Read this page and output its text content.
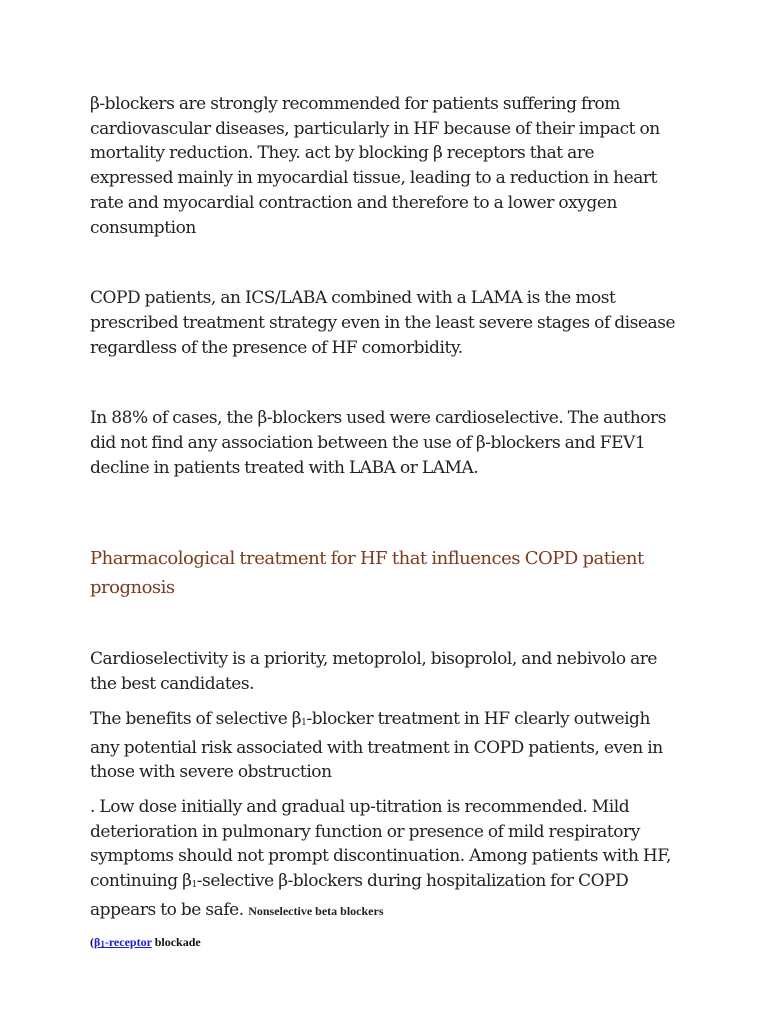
β-blockers are strongly recommended for patients suffering from cardiovascular diseases, particularly in HF because of their impact on mortality reduction. They. act by blocking β receptors that are expressed mainly in myocardial tissue, leading to a reduction in heart rate and myocardial contraction and therefore to a lower oxygen consumption

COPD patients, an ICS/LABA combined with a LAMA is the most prescribed treatment strategy even in the least severe stages of disease regardless of the presence of HF comorbidity.

In 88% of cases, the β-blockers used were cardioselective. The authors did not find any association between the use of β-blockers and FEV1 decline in patients treated with LABA or LAMA.

Pharmacological treatment for HF that influences COPD patient prognosis

Cardioselectivity is a priority, metoprolol, bisoprolol, and nebivolo are the best candidates.

The benefits of selective $\beta_1$-blocker treatment in HF clearly outweigh any potential risk associated with treatment in COPD patients, even in those with severe obstruction

. Low dose initially and gradual up-titration is recommended. Mild deterioration in pulmonary function or presence of mild respiratory symptoms should not prompt discontinuation. Among patients with HF, continuing $\beta_1$-selective β-blockers during hospitalization for COPD appears to be safe. Nonselective beta blockers

($\beta_1$-receptor blockade
